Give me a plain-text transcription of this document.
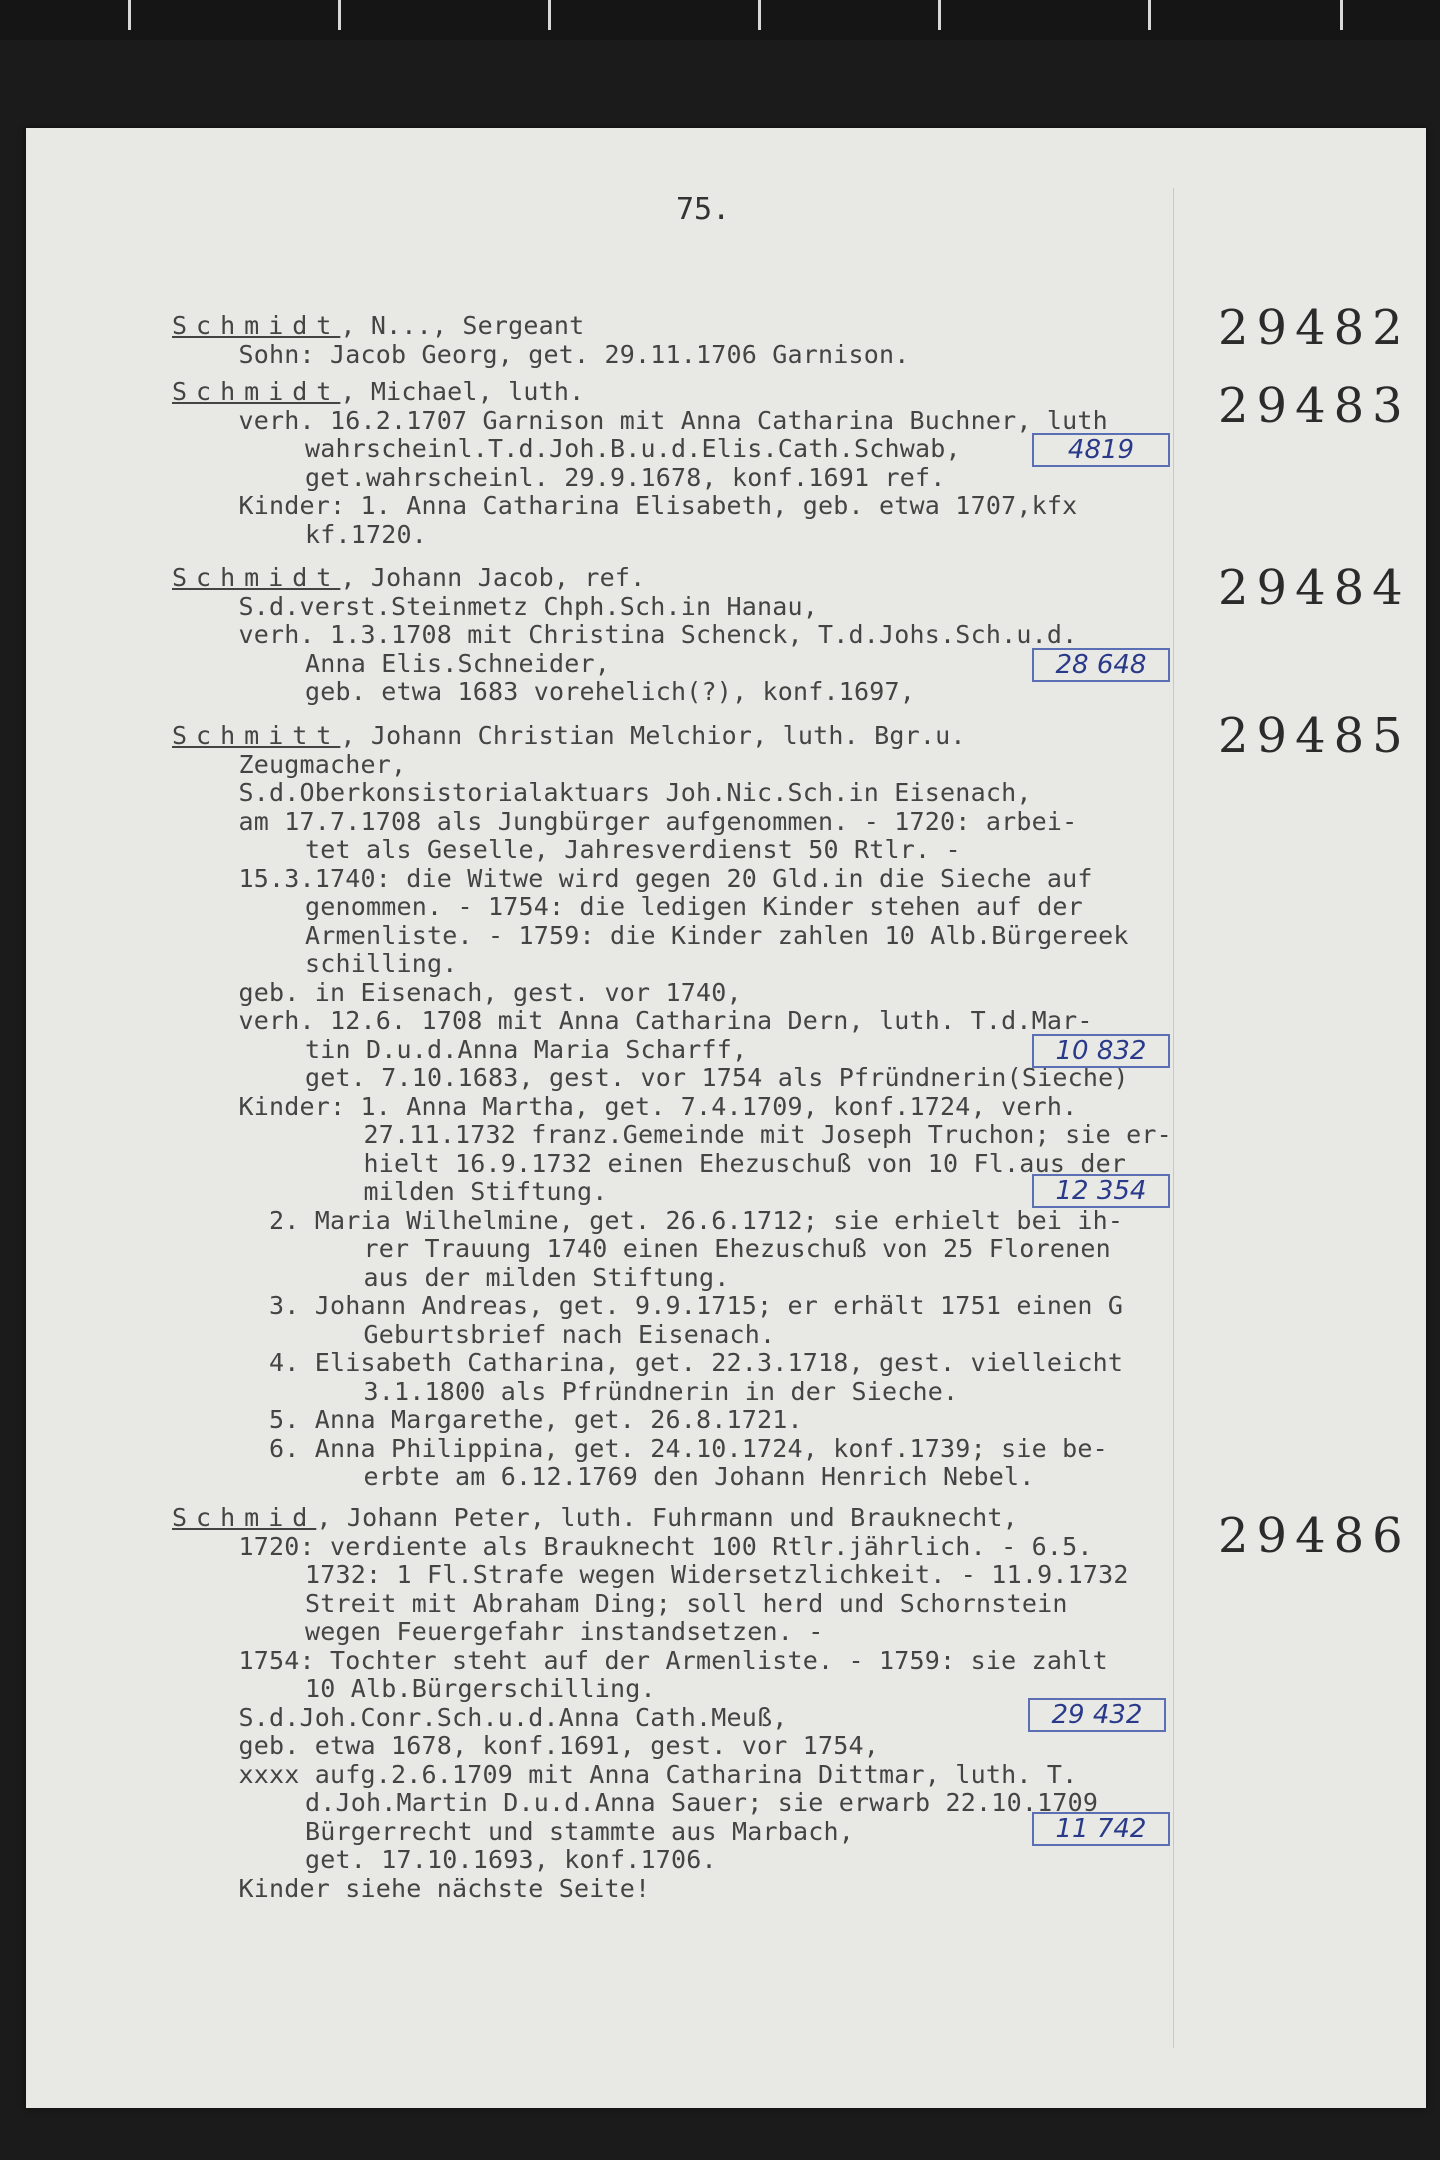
75.
Schmidt, N..., Sergeant
Sohn: Jacob Georg, get. 29.11.1706 Garnison.	29482
Schmidt, Michael, luth.
verh. 16.2.1707 Garnison mit Anna Catharina Buchner, luth
wahrscheinl.T.d.Joh.B.u.d.Elis.Cath.Schwab,
get.wahrscheinl. 29.9.1678, konf.1691 ref.
Kinder: 1. Anna Catharina Elisabeth, geb. etwa 1707,kfx
kf.1720.
29483
4819
Schmidt, Johann Jacob, ref.
S.d.verst.Steinmetz Chph.Sch.in Hanau,
verh. 1.3.1708 mit Christina Schenck, T.d.Johs.Sch.u.d.
Anna Elis.Schneider,
geb. etwa 1683 vorehelich(?), konf.1697,
29484
28 648
Schmitt, Johann Christian Melchior, luth. Bgr.u.
Zeugmacher,
S.d.Oberkonsistorialaktuars Joh.Nic.Sch.in Eisenach,
am 17.7.1708 als Jungbürger aufgenommen. - 1720: arbei-
tet als Geselle, Jahresverdienst 50 Rtlr. -
15.3.1740: die Witwe wird gegen 20 Gld.in die Sieche auf
genommen. - 1754: die ledigen Kinder stehen auf der
Armenliste. - 1759: die Kinder zahlen 10 Alb.Bürgereek
schilling.
geb. in Eisenach, gest. vor 1740,
verh. 12.6. 1708 mit Anna Catharina Dern, luth. T.d.Mar-
tin D.u.d.Anna Maria Scharff,
get. 7.10.1683, gest. vor 1754 als Pfründnerin(Sieche)
Kinder: 1. Anna Martha, get. 7.4.1709, konf.1724, verh.
27.11.1732 franz.Gemeinde mit Joseph Truchon; sie er-
hielt 16.9.1732 einen Ehezuschuß von 10 Fl.aus der
milden Stiftung.
2. Maria Wilhelmine, get. 26.6.1712; sie erhielt bei ih-
rer Trauung 1740 einen Ehezuschuß von 25 Florenen
aus der milden Stiftung.
3. Johann Andreas, get. 9.9.1715; er erhält 1751 einen G
Geburtsbrief nach Eisenach.
4. Elisabeth Catharina, get. 22.3.1718, gest. vielleicht
3.1.1800 als Pfründnerin in der Sieche.
5. Anna Margarethe, get. 26.8.1721.
6. Anna Philippina, get. 24.10.1724, konf.1739; sie be-
erbte am 6.12.1769 den Johann Henrich Nebel.
29485
10 832
12 354
Schmid, Johann Peter, luth. Fuhrmann und Brauknecht,
1720: verdiente als Brauknecht 100 Rtlr.jährlich. - 6.5.
1732: 1 Fl.Strafe wegen Widersetzlichkeit. - 11.9.1732
Streit mit Abraham Ding; soll herd und Schornstein
wegen Feuergefahr instandsetzen. -
1754: Tochter steht auf der Armenliste. - 1759: sie zahlt
10 Alb.Bürgerschilling.
S.d.Joh.Conr.Sch.u.d.Anna Cath.Meuß,
geb. etwa 1678, konf.1691, gest. vor 1754,
xxxx aufg.2.6.1709 mit Anna Catharina Dittmar, luth. T.
d.Joh.Martin D.u.d.Anna Sauer; sie erwarb 22.10.1709
Bürgerrecht und stammte aus Marbach,
get. 17.10.1693, konf.1706.
Kinder siehe nächste Seite!
29486
29 432
11 742
